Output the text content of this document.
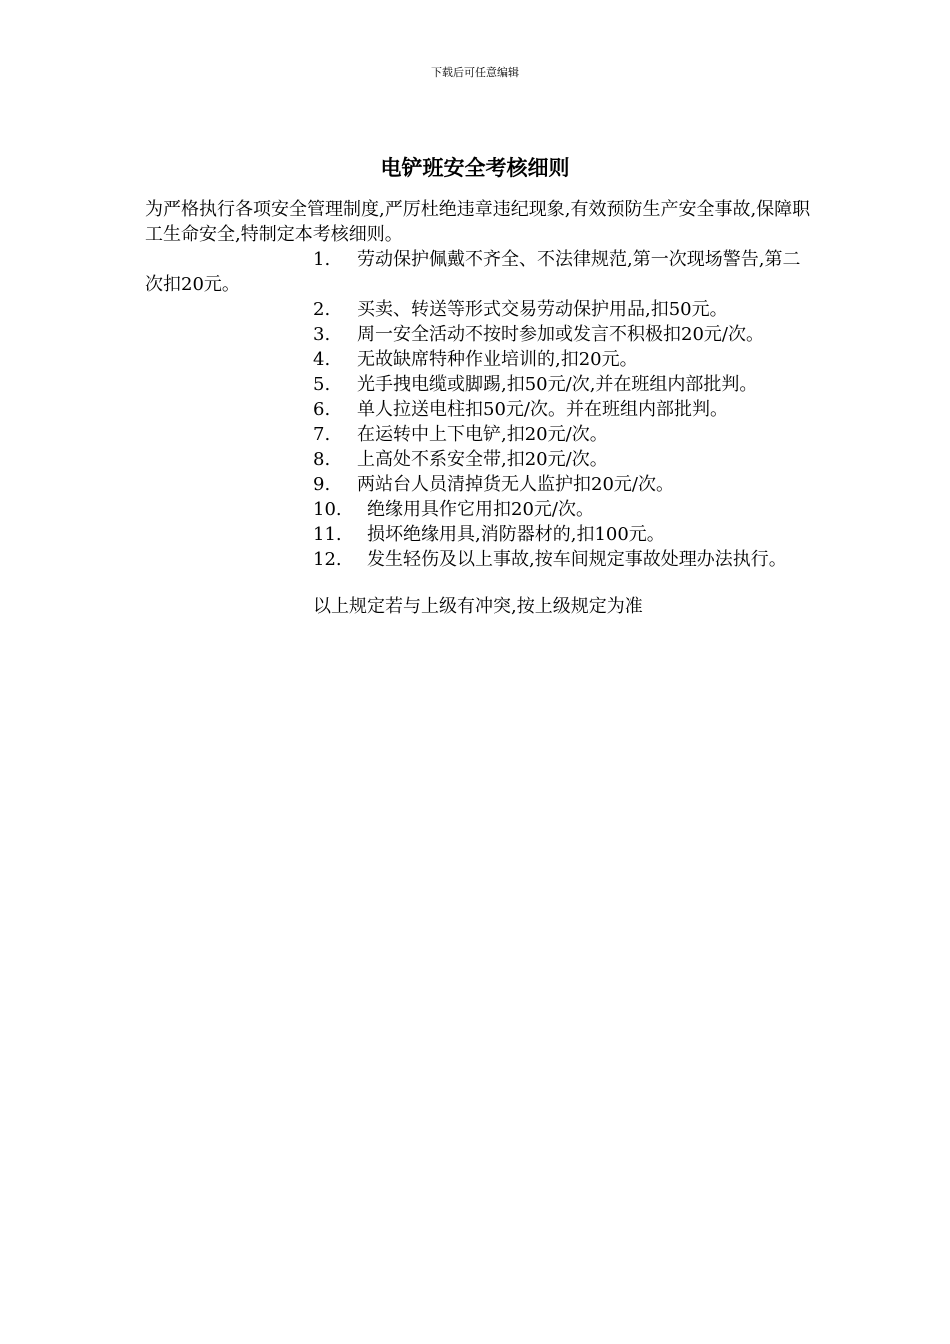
下载后可任意编辑
电铲班安全考核细则

为严格执行各项安全管理制度,严厉杜绝违章违纪现象,有效预防生产安全事故,保障职工生命安全,特制定本考核细则。

1. 劳动保护佩戴不齐全、不法律规范,第一次现场警告,第二次扣20元。
2. 买卖、转送等形式交易劳动保护用品,扣50元。
3. 周一安全活动不按时参加或发言不积极扣20元/次。
4. 无故缺席特种作业培训的,扣20元。
5. 光手拽电缆或脚踢,扣50元/次,并在班组内部批判。
6. 单人拉送电柱扣50元/次。并在班组内部批判。
7. 在运转中上下电铲,扣20元/次。
8. 上高处不系安全带,扣20元/次。
9. 两站台人员清掉货无人监护扣20元/次。
10. 绝缘用具作它用扣20元/次。
11. 损坏绝缘用具,消防器材的,扣100元。
12. 发生轻伤及以上事故,按车间规定事故处理办法执行。

以上规定若与上级有冲突,按上级规定为准
